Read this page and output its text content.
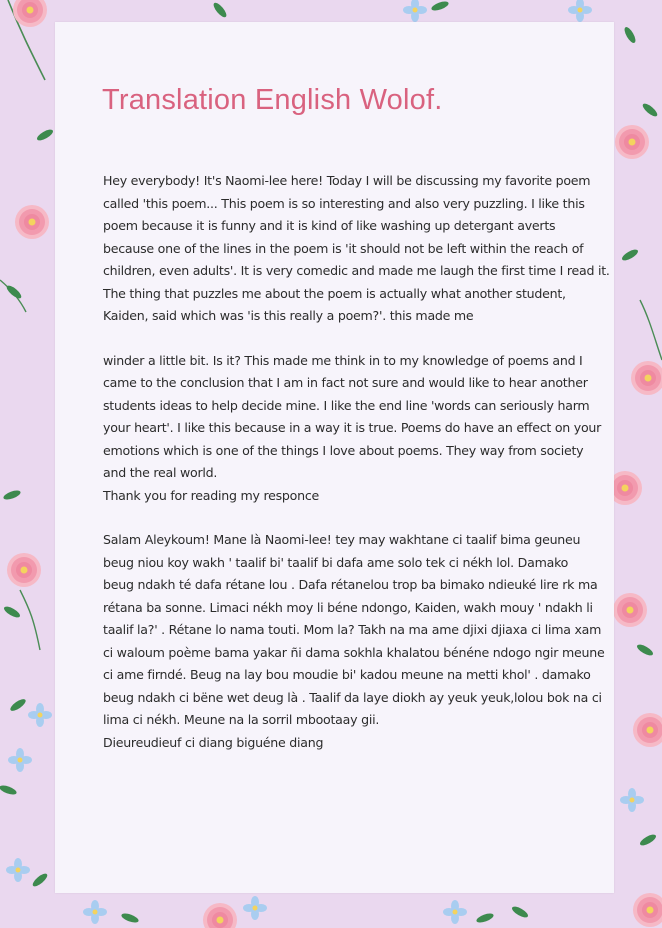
Translation English Wolof.
Hey everybody! It's Naomi-lee here! Today I will be discussing my favorite poem
called 'this poem... This poem is so interesting and also very puzzling. I like this
poem because it is funny and it is kind of like washing up detergant averts
because one of the lines in the poem is 'it should not be left within the reach of
children, even adults'. It is very comedic and made me laugh the first time I read it.
The thing that puzzles me about the poem is actually what another student,
Kaiden, said which was 'is this really a poem?'. this made me
winder a little bit. Is it? This made me think in to my knowledge of poems and I
came to the conclusion that I am in fact not sure and would like to hear another
students ideas to help decide mine. I like the end line 'words can seriously harm
your heart'. I like this because in a way it is true. Poems do have an effect on your
emotions which is one of the things I love about poems. They way from society
and the real world.
Thank you for reading my responce
Salam Aleykoum! Mane là Naomi-lee! tey may wakhtane ci taalif bima geuneu
beug niou koy wakh ' taalif bi' taalif bi dafa ame solo tek ci nékh lol. Damako
beug ndakh té dafa rétane lou . Dafa rétanelou trop ba bimako ndieuké lire rk ma
rétana ba sonne. Limaci nékh moy li béne ndongo, Kaiden, wakh mouy ' ndakh li
taalif la?' . Rétane lo nama touti. Mom la? Takh na ma ame djixi djiaxa ci lima xam
ci waloum poème bama yakar ñi dama sokhla khalatou bénéne ndogo ngir meune
ci ame firndé. Beug na lay bou moudie bi' kadou meune na metti khol' . damako
beug ndakh ci bëne wet deug là . Taalif da laye diokh ay yeuk yeuk,lolou bok na ci
lima ci nékh. Meune na la sorril mbootaay gii.
Dieureudieuf ci diang biguéne diang
